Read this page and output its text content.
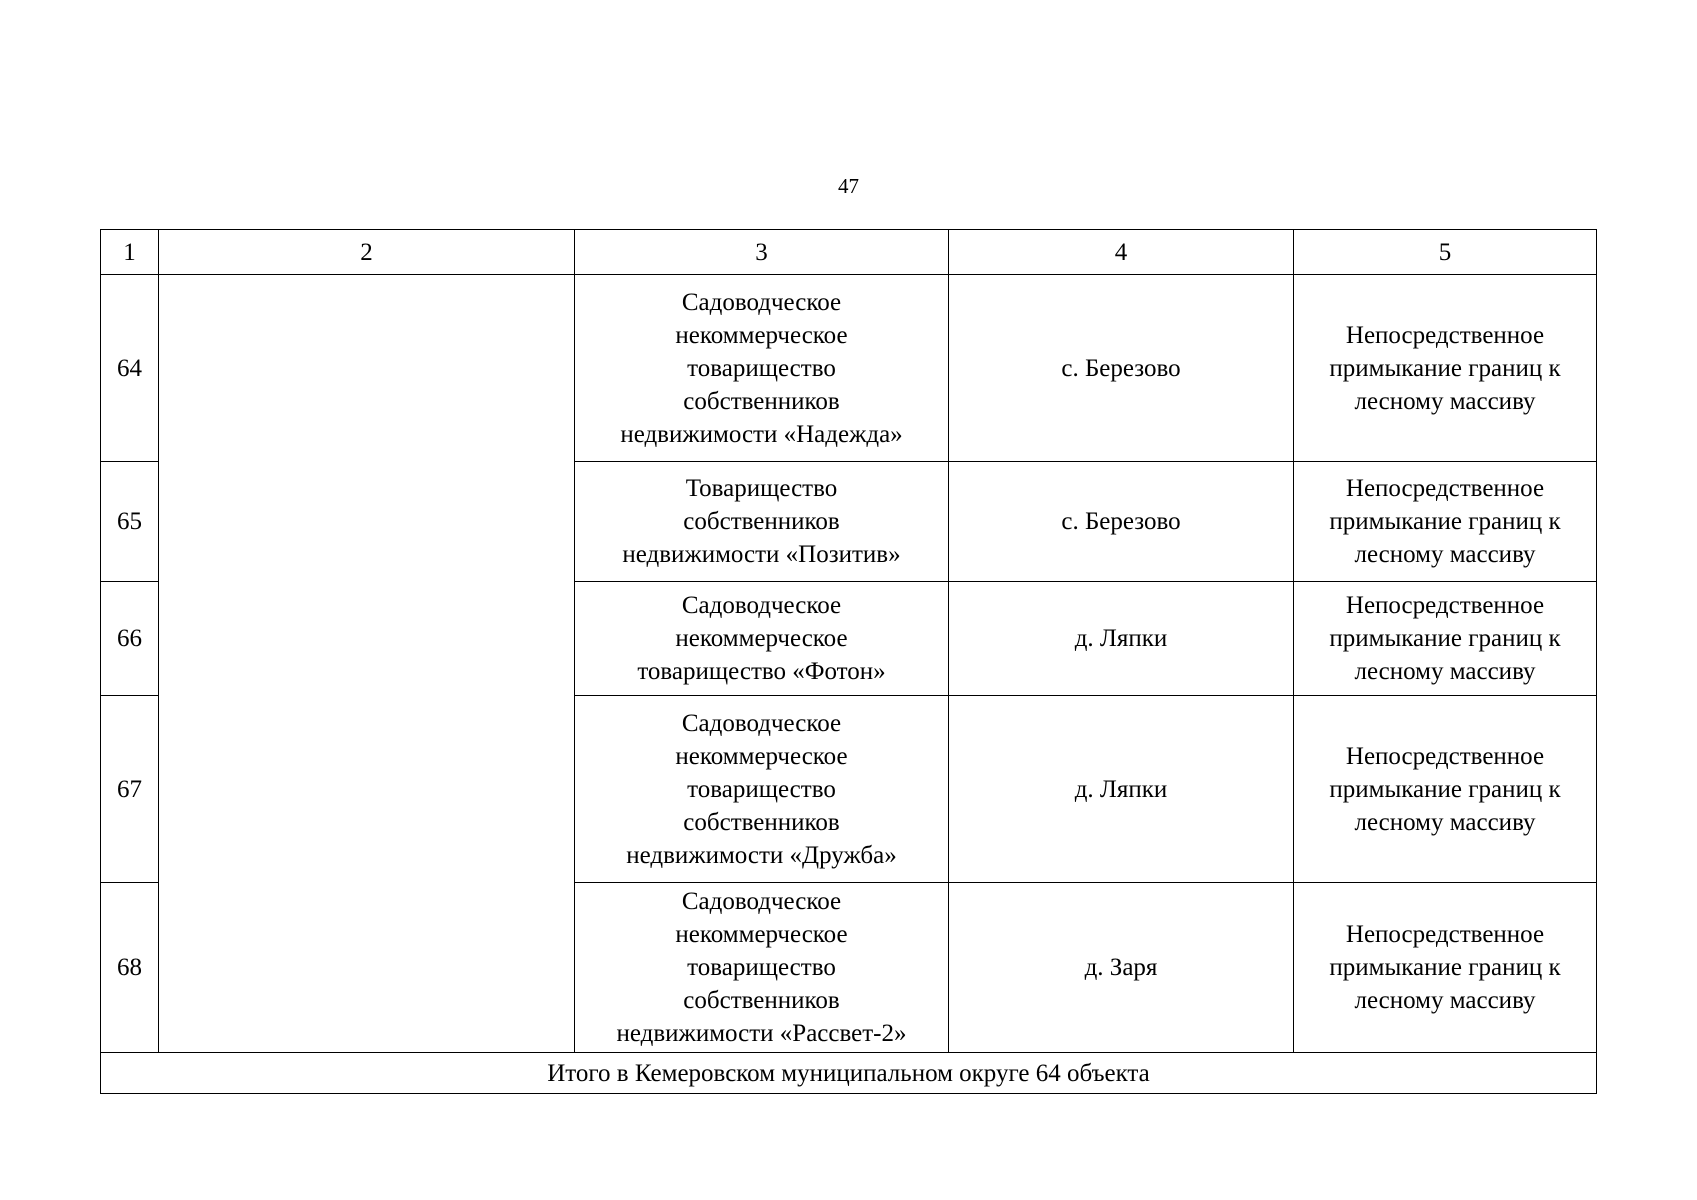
47
1	2	3	4	5
64		Садоводческое
некоммерческое
товарищество
собственников
недвижимости «Надежда»	с. Березово	Непосредственное
примыкание границ к
лесному массиву
65		Товарищество
собственников
недвижимости «Позитив»	с. Березово	Непосредственное
примыкание границ к
лесному массиву
66		Садоводческое
некоммерческое
товарищество «Фотон»	д. Ляпки	Непосредственное
примыкание границ к
лесному массиву
67		Садоводческое
некоммерческое
товарищество
собственников
недвижимости «Дружба»	д. Ляпки	Непосредственное
примыкание границ к
лесному массиву
68		Садоводческое
некоммерческое
товарищество
собственников
недвижимости «Рассвет-2»	д. Заря	Непосредственное
примыкание границ к
лесному массиву
Итого в Кемеровском муниципальном округе 64 объекта				
